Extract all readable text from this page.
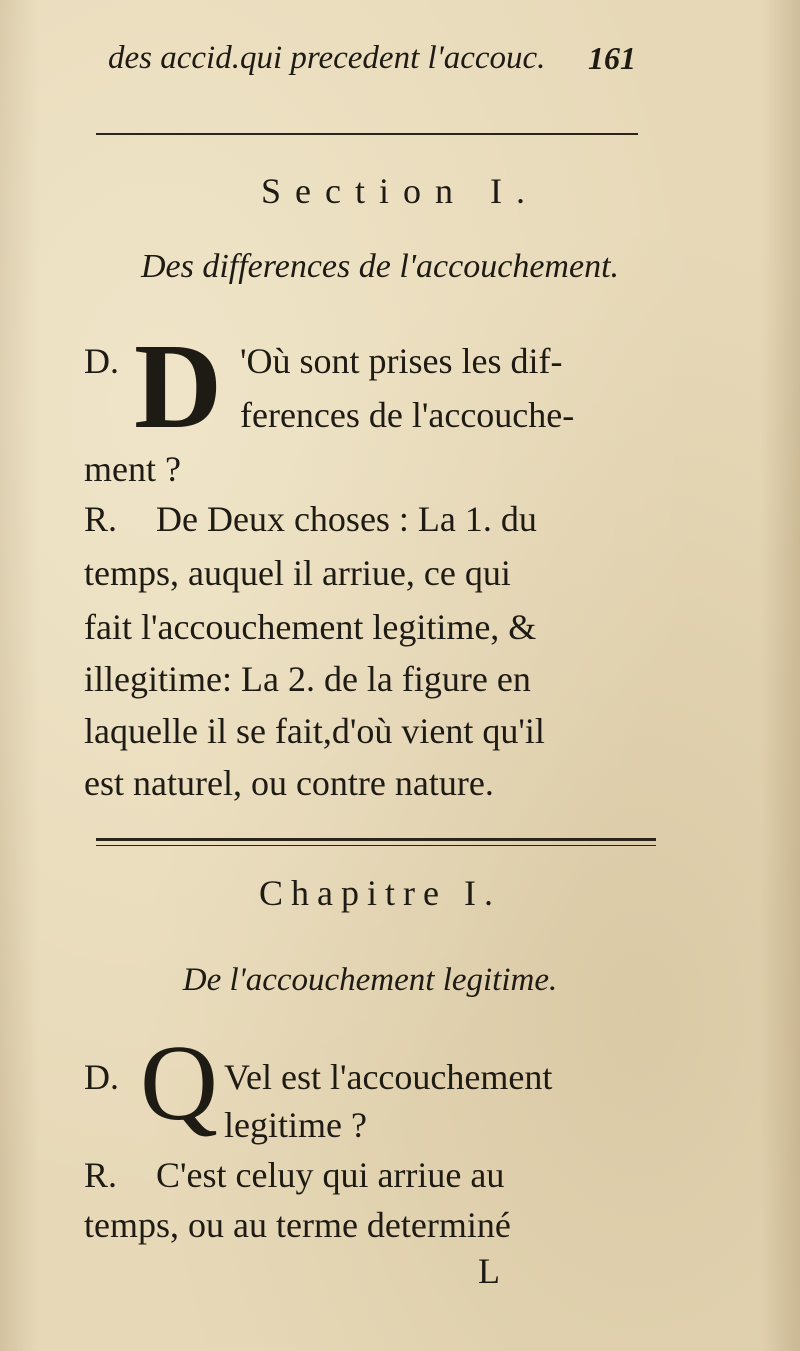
des accid.qui precedent l'accouc. 161
Section I.
Des differences de l'accouchement.
D. D 'Où sont prises les dif-
ferences de l'accouche-
ment ?
R. De Deux choses : La 1. du
temps, auquel il arriue, ce qui
fait l'accouchement legitime, &
illegitime: La 2. de la figure en
laquelle il se fait,d'où vient qu'il
est naturel, ou contre nature.
Chapitre I.
De l'accouchement legitime.
D. Q Vel est l'accouchement
legitime ?
R. C'est celuy qui arriue au
temps, ou au terme determiné
L
